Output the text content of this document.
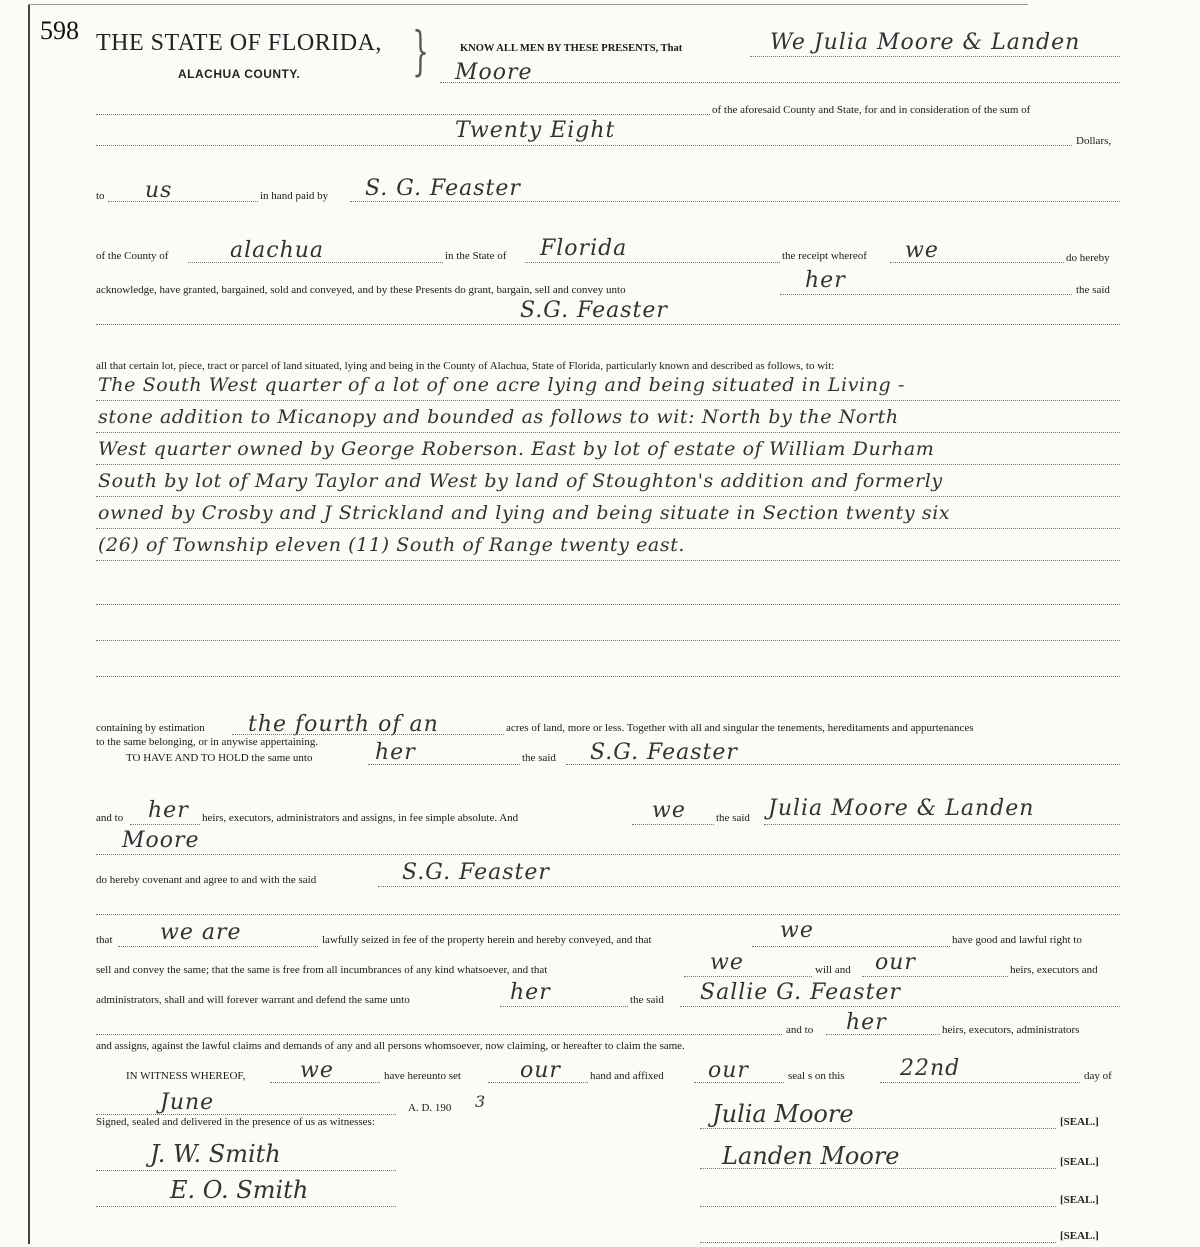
598 THE STATE OF FLORIDA,
ALACHUA COUNTY. }	KNOW ALL MEN BY THESE PRESENTS, That	We Julia Moore & Landen
Moore
of the aforesaid County and State, for and in consideration of the sum of
Twenty Eight	Dollars,
to us	in hand paid by S. G. Feaster
of the County of	alachua	in the State of Florida	the receipt whereof we	do hereby
acknowledge, have granted, bargained, sold and conveyed, and by these Presents do grant, bargain, sell and convey unto	her	the said
S.G. Feaster
all that certain lot, piece, tract or parcel of land situated, lying and being in the County of Alachua, State of Florida, particularly known and described as follows, to wit:
The South West quarter of a lot of one acre lying and being situated in Living -
stone addition to Micanopy and bounded as follows to wit: North by the North
West quarter owned by George Roberson. East by lot of estate of William Durham
South by lot of Mary Taylor and West by land of Stoughton's addition and formerly
owned by Crosby and J Strickland and lying and being situate in Section twenty six
(26) of Township eleven (11) South of Range twenty east.
containing by estimation the fourth of an	acres of land, more or less. Together with all and singular the tenements, hereditaments and appurtenances
to the same belonging, or in anywise appertaining.
TO HAVE AND TO HOLD the same unto	her	the said S.G. Feaster
and to her heirs, executors, administrators and assigns, in fee simple absolute. And	we	the said Julia Moore & Landen
Moore
do hereby covenant and agree to and with the said	S.G. Feaster
that we are	lawfully seized in fee of the property herein and hereby conveyed, and that	we	have good and lawful right to
sell and convey the same; that the same is free from all incumbrances of any kind whatsoever, and that	we	will and our	heirs, executors and
administrators, shall and will forever warrant and defend the same unto	her	the said Sallie G. Feaster
and to her	heirs, executors, administrators
and assigns, against the lawful claims and demands of any and all persons whomsoever, now claiming, or hereafter to claim the same.
IN WITNESS WHEREOF, we	have hereunto set	our	hand and affixed our	seal s on this	22nd	day of
June	A. D. 190 3
Signed, sealed and delivered in the presence of us as witnesses:
J. W. Smith
E. O. Smith
Julia Moore	[SEAL.]
Landen Moore	[SEAL.]
[SEAL.]
[SEAL.]
